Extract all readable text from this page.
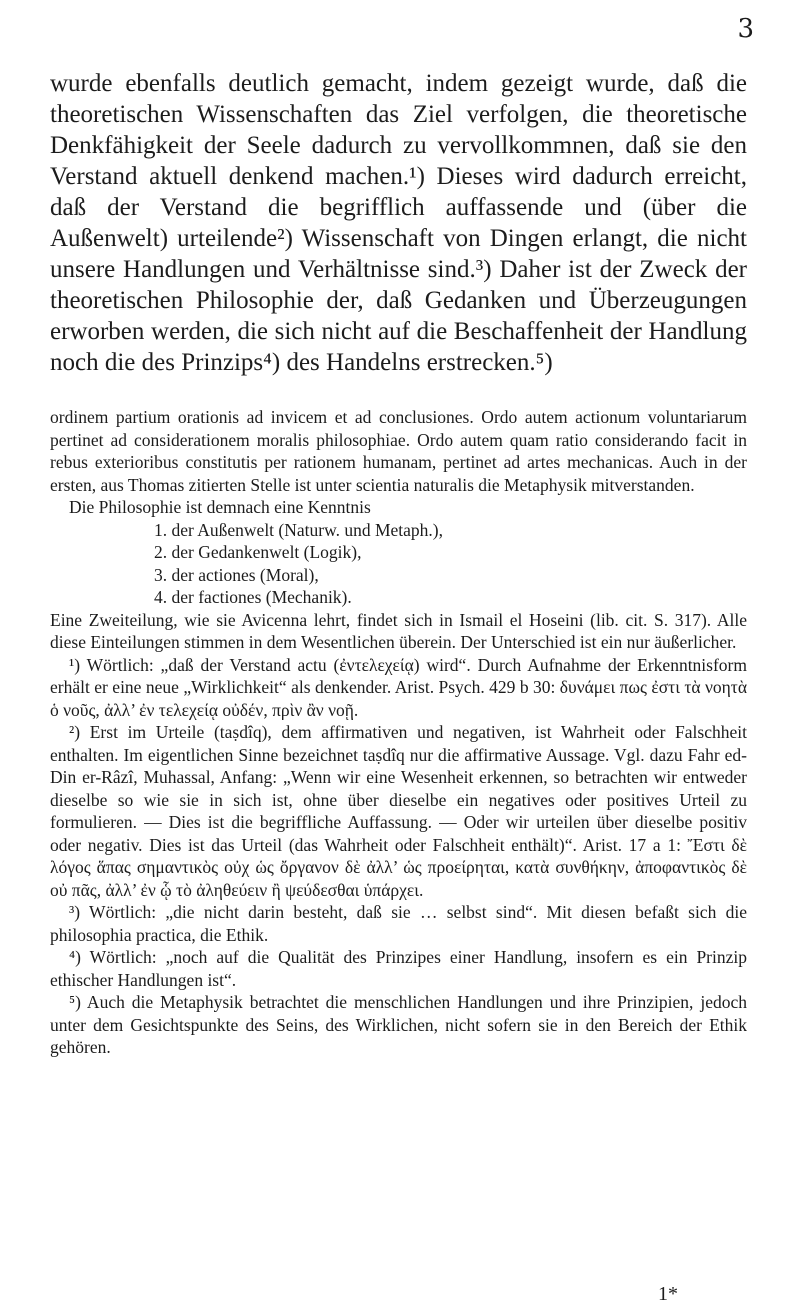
3

wurde ebenfalls deutlich gemacht, indem gezeigt wurde, daß die theoretischen Wissenschaften das Ziel verfolgen, die theoretische Denkfähigkeit der Seele dadurch zu vervollkommnen, daß sie den Verstand aktuell denkend machen.¹) Dieses wird dadurch erreicht, daß der Verstand die begrifflich auffassende und (über die Außenwelt) urteilende²) Wissenschaft von Dingen erlangt, die nicht unsere Handlungen und Verhältnisse sind.³) Daher ist der Zweck der theoretischen Philosophie der, daß Gedanken und Überzeugungen erworben werden, die sich nicht auf die Beschaffenheit der Handlung noch die des Prinzips⁴) des Handelns erstrecken.⁵)

ordinem partium orationis ad invicem et ad conclusiones. Ordo autem actionum voluntariarum pertinet ad considerationem moralis philosophiae. Ordo autem quam ratio considerando facit in rebus exterioribus constitutis per rationem humanam, pertinet ad artes mechanicas. Auch in der ersten, aus Thomas zitierten Stelle ist unter scientia naturalis die Metaphysik mitverstanden.

Die Philosophie ist demnach eine Kenntnis

1. der Außenwelt (Naturw. und Metaph.),
2. der Gedankenwelt (Logik),
3. der actiones (Moral),
4. der factiones (Mechanik).

Eine Zweiteilung, wie sie Avicenna lehrt, findet sich in Ismail el Hoseini (lib. cit. S. 317). Alle diese Einteilungen stimmen in dem Wesentlichen überein. Der Unterschied ist ein nur äußerlicher.

¹) Wörtlich: „daß der Verstand actu (ἐντελεχείᾳ) wird“. Durch Aufnahme der Erkenntnisform erhält er eine neue „Wirklichkeit“ als denkender. Arist. Psych. 429 b 30: δυνάμει πως ἐστι τὰ νοητὰ ὁ νοῦς, ἀλλ’ ἐν τελεχείᾳ οὐδέν, πρὶν ἂν νοῇ.

²) Erst im Urteile (taṣdîq), dem affirmativen und negativen, ist Wahrheit oder Falschheit enthalten. Im eigentlichen Sinne bezeichnet taṣdîq nur die affirmative Aussage. Vgl. dazu Fahr ed-Din er-Râzî, Muhassal, Anfang: „Wenn wir eine Wesenheit erkennen, so betrachten wir entweder dieselbe so wie sie in sich ist, ohne über dieselbe ein negatives oder positives Urteil zu formulieren. — Dies ist die begriffliche Auffassung. — Oder wir urteilen über dieselbe positiv oder negativ. Dies ist das Urteil (das Wahrheit oder Falschheit enthält)“. Arist. 17 a 1: Ἔστι δὲ λόγος ἅπας σημαντικὸς οὐχ ὡς ὄργανον δὲ ἀλλ’ ὡς προείρηται, κατὰ συνθήκην, ἀποφαντικὸς δὲ οὐ πᾶς, ἀλλ’ ἐν ᾧ τὸ ἀληθεύειν ἢ ψεύδεσθαι ὑπάρχει.

³) Wörtlich: „die nicht darin besteht, daß sie … selbst sind“. Mit diesen befaßt sich die philosophia practica, die Ethik.

⁴) Wörtlich: „noch auf die Qualität des Prinzipes einer Handlung, insofern es ein Prinzip ethischer Handlungen ist“.

⁵) Auch die Metaphysik betrachtet die menschlichen Handlungen und ihre Prinzipien, jedoch unter dem Gesichtspunkte des Seins, des Wirklichen, nicht sofern sie in den Bereich der Ethik gehören.

1*
